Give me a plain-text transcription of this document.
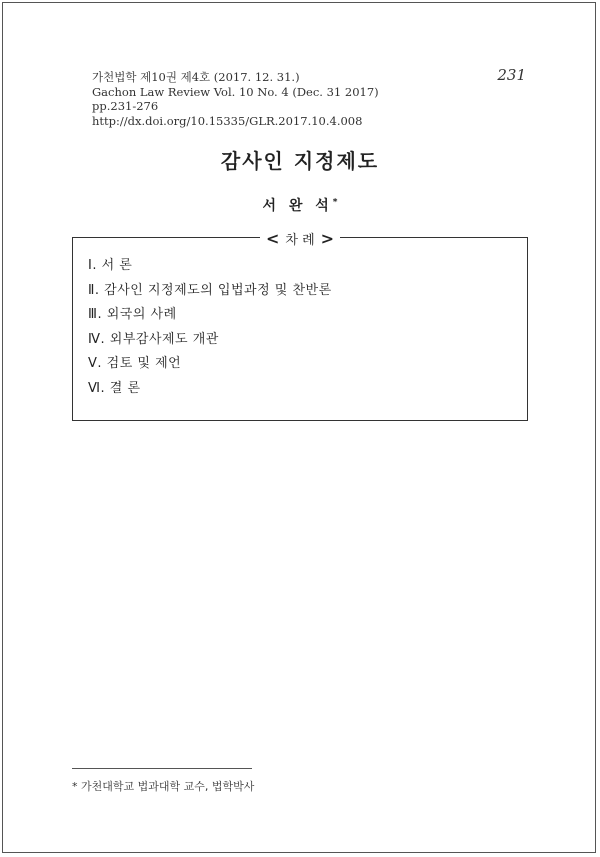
가천법학 제10권 제4호 (2017. 12. 31.)
Gachon Law Review Vol. 10 No. 4 (Dec. 31 2017)
pp.231-276
http://dx.doi.org/10.15335/GLR.2017.10.4.008
231
감사인 지정제도
서 완 석*
< 차 례 >
Ⅰ. 서 론
Ⅱ. 감사인 지정제도의 입법과정 및 찬반론
Ⅲ. 외국의 사례
Ⅳ. 외부감사제도 개관
Ⅴ. 검토 및 제언
Ⅵ. 결 론
* 가천대학교 법과대학 교수, 법학박사
